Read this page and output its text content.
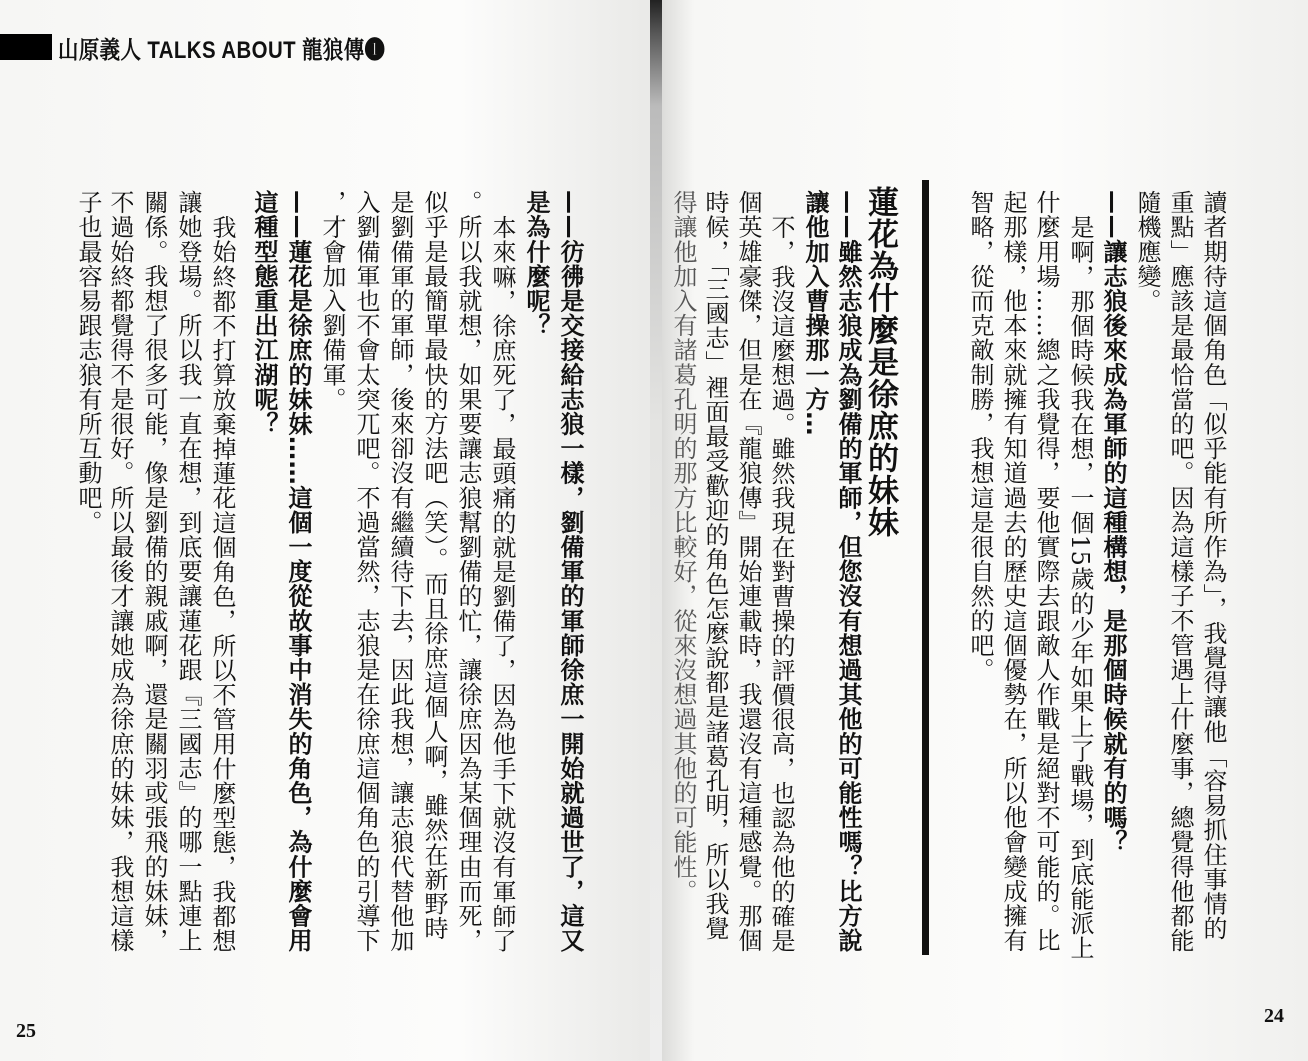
山原義人 TALKS ABOUT 龍狼傳❶
——彷彿是交接給志狼一樣，劉備軍的軍師徐庶一開始就過世了，這又
是為什麼呢？
本來嘛，徐庶死了，最頭痛的就是劉備了，因為他手下就沒有軍師了
。所以我就想，如果要讓志狼幫劉備的忙，讓徐庶因為某個理由而死，
似乎是最簡單最快的方法吧（笑）。而且徐庶這個人啊，雖然在新野時
是劉備軍的軍師，後來卻沒有繼續待下去，因此我想，讓志狼代替他加
入劉備軍也不會太突兀吧。不過當然，志狼是在徐庶這個角色的引導下
，才會加入劉備軍。
——蓮花是徐庶的妹妹……這個一度從故事中消失的角色，為什麼會用
這種型態重出江湖呢？
我始終都不打算放棄掉蓮花這個角色，所以不管用什麼型態，我都想
讓她登場。所以我一直在想，到底要讓蓮花跟『三國志』的哪一點連上
關係。我想了很多可能，像是劉備的親戚啊，還是關羽或張飛的妹妹，
不過始終都覺得不是很好。所以最後才讓她成為徐庶的妹妹，我想這樣
子也最容易跟志狼有所互動吧。
25
24
讀者期待這個角色「似乎能有所作為」，我覺得讓他「容易抓住事情的
重點」應該是最恰當的吧。因為這樣子不管遇上什麼事，總覺得他都能
隨機應變。
——讓志狼後來成為軍師的這種構想，是那個時候就有的嗎？
是啊，那個時候我在想，一個15歲的少年如果上了戰場，到底能派上
什麼用場……總之我覺得，要他實際去跟敵人作戰是絕對不可能的。比
起那樣，他本來就擁有知道過去的歷史這個優勢在，所以他會變成擁有
智略，從而克敵制勝，我想這是很自然的吧。
蓮花為什麼是徐庶的妹妹
——雖然志狼成為劉備的軍師，但您沒有想過其他的可能性嗎？比方說
讓他加入曹操那一方…
不，我沒這麼想過。雖然我現在對曹操的評價很高，也認為他的確是
個英雄豪傑，但是在『龍狼傳』開始連載時，我還沒有這種感覺。那個
時候，「三國志」裡面最受歡迎的角色怎麼說都是諸葛孔明，所以我覺
得讓他加入有諸葛孔明的那方比較好，從來沒想過其他的可能性。
